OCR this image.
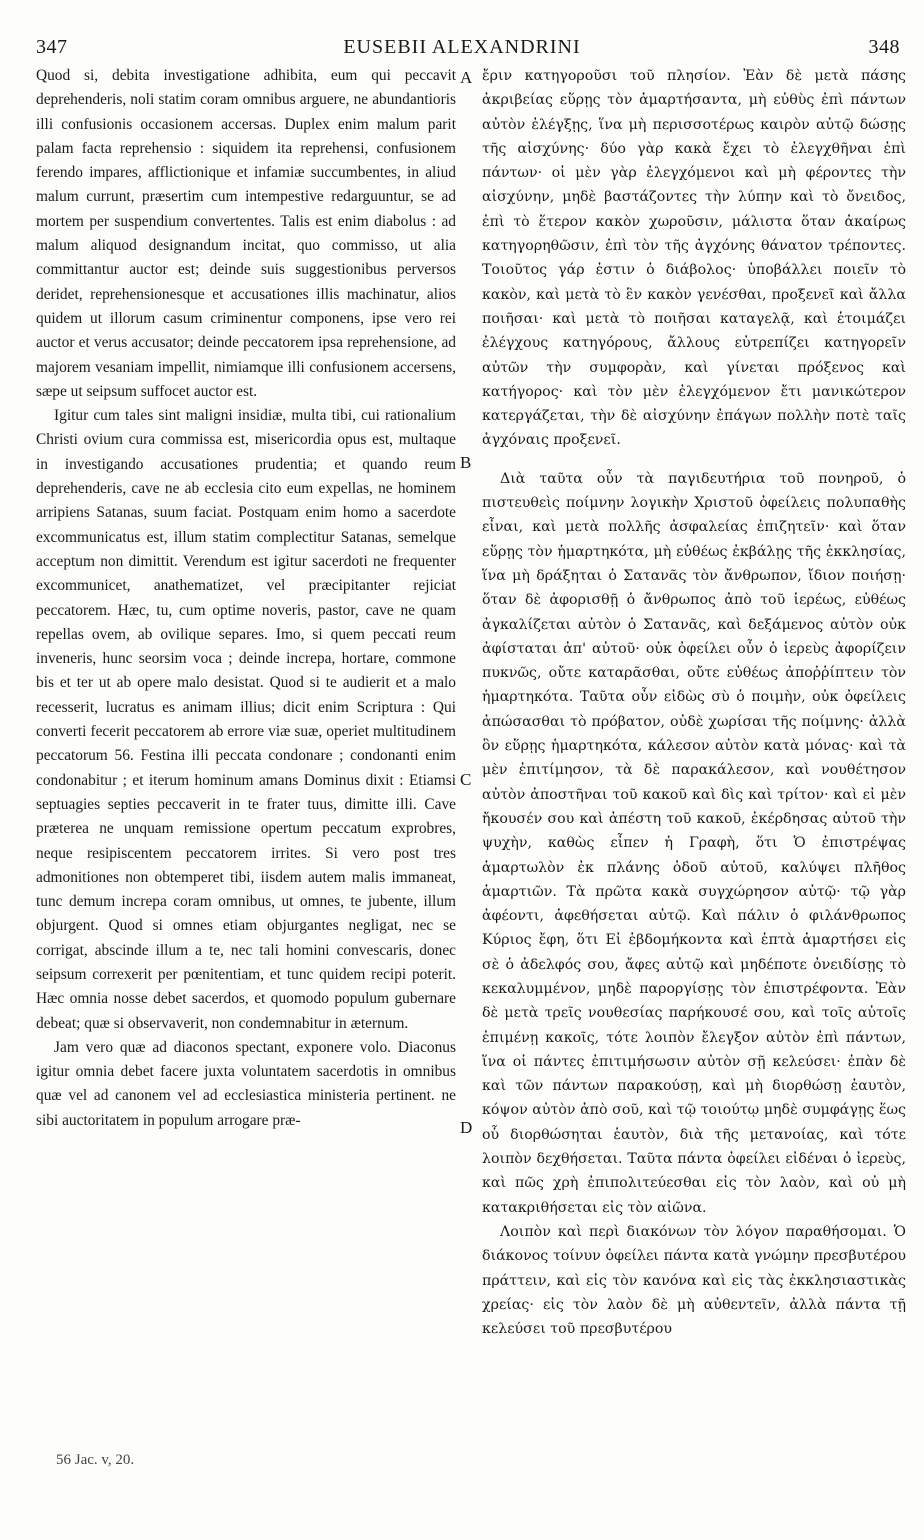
347	EUSEBII ALEXANDRINI	348

Quod si, debita investigatione adhibita, eum qui peccavit deprehenderis, noli statim coram omnibus arguere, ne abundantioris illi confusionis occasionem accersas. Duplex enim malum parit palam facta reprehensio : siquidem ita reprehensi, confusionem ferendo impares, afflictionique et infamiæ succumbentes, in aliud malum currunt, præsertim cum intempestive redarguuntur, se ad mortem per suspendium convertentes. Talis est enim diabolus : ad malum aliquod designandum incitat, quo commisso, ut alia committantur auctor est; deinde suis suggestionibus perversos deridet, reprehensionesque et accusationes illis machinatur, alios quidem ut illorum casum criminentur componens, ipse vero rei auctor et verus accusator; deinde peccatorem ipsa reprehensione, ad majorem vesaniam impellit, nimiamque illi confusionem accersens, sæpe ut seipsum suffocet auctor est.

Igitur cum tales sint maligni insidiæ, multa tibi, cui rationalium Christi ovium cura commissa est, misericordia opus est, multaque in investigando accusationes prudentia; et quando reum deprehenderis, cave ne ab ecclesia cito eum expellas, ne hominem arripiens Satanas, suum faciat. Postquam enim homo a sacerdote excommunicatus est, illum statim complectitur Satanas, semelque acceptum non dimittit. Verendum est igitur sacerdoti ne frequenter excommunicet, anathematizet, vel præcipitanter rejiciat peccatorem. Hæc, tu, cum optime noveris, pastor, cave ne quam repellas ovem, ab ovilique separes. Imo, si quem peccati reum inveneris, hunc seorsim voca ; deinde increpa, hortare, commone bis et ter ut ab opere malo desistat. Quod si te audierit et a malo recesserit, lucratus es animam illius; dicit enim Scriptura : Qui converti fecerit peccatorem ab errore viæ suæ, operiet multitudinem peccatorum 56. Festina illi peccata condonare ; condonanti enim condonabitur ; et iterum hominum amans Dominus dixit : Etiamsi septuagies septies peccaverit in te frater tuus, dimitte illi. Cave præterea ne unquam remissione opertum peccatum exprobres, neque resipiscentem peccatorem irrites. Si vero post tres admonitiones non obtemperet tibi, iisdem autem malis immaneat, tunc demum increpa coram omnibus, ut omnes, te jubente, illum objurgent. Quod si omnes etiam objurgantes negligat, nec se corrigat, abscinde illum a te, nec tali homini convescaris, donec seipsum correxerit per pœnitentiam, et tunc quidem recipi poterit. Hæc omnia nosse debet sacerdos, et quomodo populum gubernare debeat; quæ si observaverit, non condemnabitur in æternum.

Jam vero quæ ad diaconos spectant, exponere volo. Diaconus igitur omnia debet facere juxta voluntatem sacerdotis in omnibus quæ vel ad canonem vel ad ecclesiastica ministeria pertinent. ne sibi auctoritatem in populum arrogare præ-

A
B
C
D

ἔριν κατηγοροῦσι τοῦ πλησίον. Ἐὰν δὲ μετὰ πάσης ἀκριβείας εὕρῃς τὸν ἁμαρτήσαντα, μὴ εὐθὺς ἐπὶ πάντων αὐτὸν ἐλέγξῃς, ἵνα μὴ περισσοτέρως καιρὸν αὐτῷ δώσῃς τῆς αἰσχύνης· δύο γὰρ κακὰ ἔχει τὸ ἐλεγχθῆναι ἐπὶ πάντων· οἱ μὲν γὰρ ἐλεγχόμενοι καὶ μὴ φέροντες τὴν αἰσχύνην, μηδὲ βαστάζοντες τὴν λύπην καὶ τὸ ὄνειδος, ἐπὶ τὸ ἕτερον κακὸν χωροῦσιν, μάλιστα ὅταν ἀκαίρως κατηγορηθῶσιν, ἐπὶ τὸν τῆς ἀγχόνης θάνατον τρέποντες. Τοιοῦτος γάρ ἐστιν ὁ διάβολος· ὑποβάλλει ποιεῖν τὸ κακὸν, καὶ μετὰ τὸ ἓν κακὸν γενέσθαι, προξενεῖ καὶ ἄλλα ποιῆσαι· καὶ μετὰ τὸ ποιῆσαι καταγελᾷ, καὶ ἑτοιμάζει ἐλέγχους κατηγόρους, ἄλλους εὐτρεπίζει κατηγορεῖν αὐτῶν τὴν συμφορὰν, καὶ γίνεται πρόξενος καὶ κατήγορος· καὶ τὸν μὲν ἐλεγχόμενον ἔτι μανικώτερον κατεργάζεται, τὴν δὲ αἰσχύνην ἐπάγων πολλὴν ποτὲ ταῖς ἀγχόναις προξενεῖ.

Διὰ ταῦτα οὖν τὰ παγιδευτήρια τοῦ πονηροῦ, ὁ πιστευθεὶς ποίμνην λογικὴν Χριστοῦ ὀφείλεις πολυπαθὴς εἶναι, καὶ μετὰ πολλῆς ἀσφαλείας ἐπιζητεῖν· καὶ ὅταν εὕρῃς τὸν ἡμαρτηκότα, μὴ εὐθέως ἐκβάλῃς τῆς ἐκκλησίας, ἵνα μὴ δράξηται ὁ Σατανᾶς τὸν ἄνθρωπον, ἴδιον ποιήσῃ· ὅταν δὲ ἀφορισθῇ ὁ ἄνθρωπος ἀπὸ τοῦ ἱερέως, εὐθέως ἀγκαλίζεται αὐτὸν ὁ Σατανᾶς, καὶ δεξάμενος αὐτὸν οὐκ ἀφίσταται ἀπ' αὐτοῦ· οὐκ ὀφείλει οὖν ὁ ἱερεὺς ἀφορίζειν πυκνῶς, οὔτε καταρᾶσθαι, οὔτε εὐθέως ἀποῤῥίπτειν τὸν ἡμαρτηκότα. Ταῦτα οὖν εἰδὼς σὺ ὁ ποιμὴν, οὐκ ὀφείλεις ἀπώσασθαι τὸ πρόβατον, οὐδὲ χωρίσαι τῆς ποίμνης· ἀλλὰ ὃν εὕρῃς ἡμαρτηκότα, κάλεσον αὐτὸν κατὰ μόνας· καὶ τὰ μὲν ἐπιτίμησον, τὰ δὲ παρακάλεσον, καὶ νουθέτησον αὐτὸν ἀποστῆναι τοῦ κακοῦ καὶ δὶς καὶ τρίτον· καὶ εἰ μὲν ἤκουσέν σου καὶ ἀπέστη τοῦ κακοῦ, ἐκέρδησας αὐτοῦ τὴν ψυχὴν, καθὼς εἶπεν ἡ Γραφὴ, ὅτι Ὁ ἐπιστρέψας ἁμαρτωλὸν ἐκ πλάνης ὁδοῦ αὐτοῦ, καλύψει πλῆθος ἁμαρτιῶν. Τὰ πρῶτα κακὰ συγχώρησον αὐτῷ· τῷ γὰρ ἀφέοντι, ἀφεθήσεται αὐτῷ. Καὶ πάλιν ὁ φιλάνθρωπος Κύριος ἔφη, ὅτι Εἰ ἑβδομήκοντα καὶ ἑπτὰ ἁμαρτήσει εἰς σὲ ὁ ἀδελφός σου, ἄφες αὐτῷ καὶ μηδέποτε ὀνειδίσῃς τὸ κεκαλυμμένον, μηδὲ παροργίσῃς τὸν ἐπιστρέφοντα. Ἐὰν δὲ μετὰ τρεῖς νουθεσίας παρήκουσέ σου, καὶ τοῖς αὐτοῖς ἐπιμένῃ κακοῖς, τότε λοιπὸν ἔλεγξον αὐτὸν ἐπὶ πάντων, ἵνα οἱ πάντες ἐπιτιμήσωσιν αὐτὸν σῇ κελεύσει· ἐπὰν δὲ καὶ τῶν πάντων παρακούσῃ, καὶ μὴ διορθώσῃ ἑαυτὸν, κόψον αὐτὸν ἀπὸ σοῦ, καὶ τῷ τοιούτῳ μηδὲ συμφάγῃς ἕως οὗ διορθώσηται ἑαυτὸν, διὰ τῆς μετανοίας, καὶ τότε λοιπὸν δεχθήσεται. Ταῦτα πάντα ὀφείλει εἰδέναι ὁ ἱερεὺς, καὶ πῶς χρὴ ἐπιπολιτεύεσθαι εἰς τὸν λαὸν, καὶ οὐ μὴ κατακριθήσεται εἰς τὸν αἰῶνα.

Λοιπὸν καὶ περὶ διακόνων τὸν λόγον παραθήσομαι. Ὁ διάκονος τοίνυν ὀφείλει πάντα κατὰ γνώμην πρεσβυτέρου πράττειν, καὶ εἰς τὸν κανόνα καὶ εἰς τὰς ἐκκλησιαστικὰς χρείας· εἰς τὸν λαὸν δὲ μὴ αὐθεντεῖν, ἀλλὰ πάντα τῇ κελεύσει τοῦ πρεσβυτέρου

56 Jac. v, 20.
